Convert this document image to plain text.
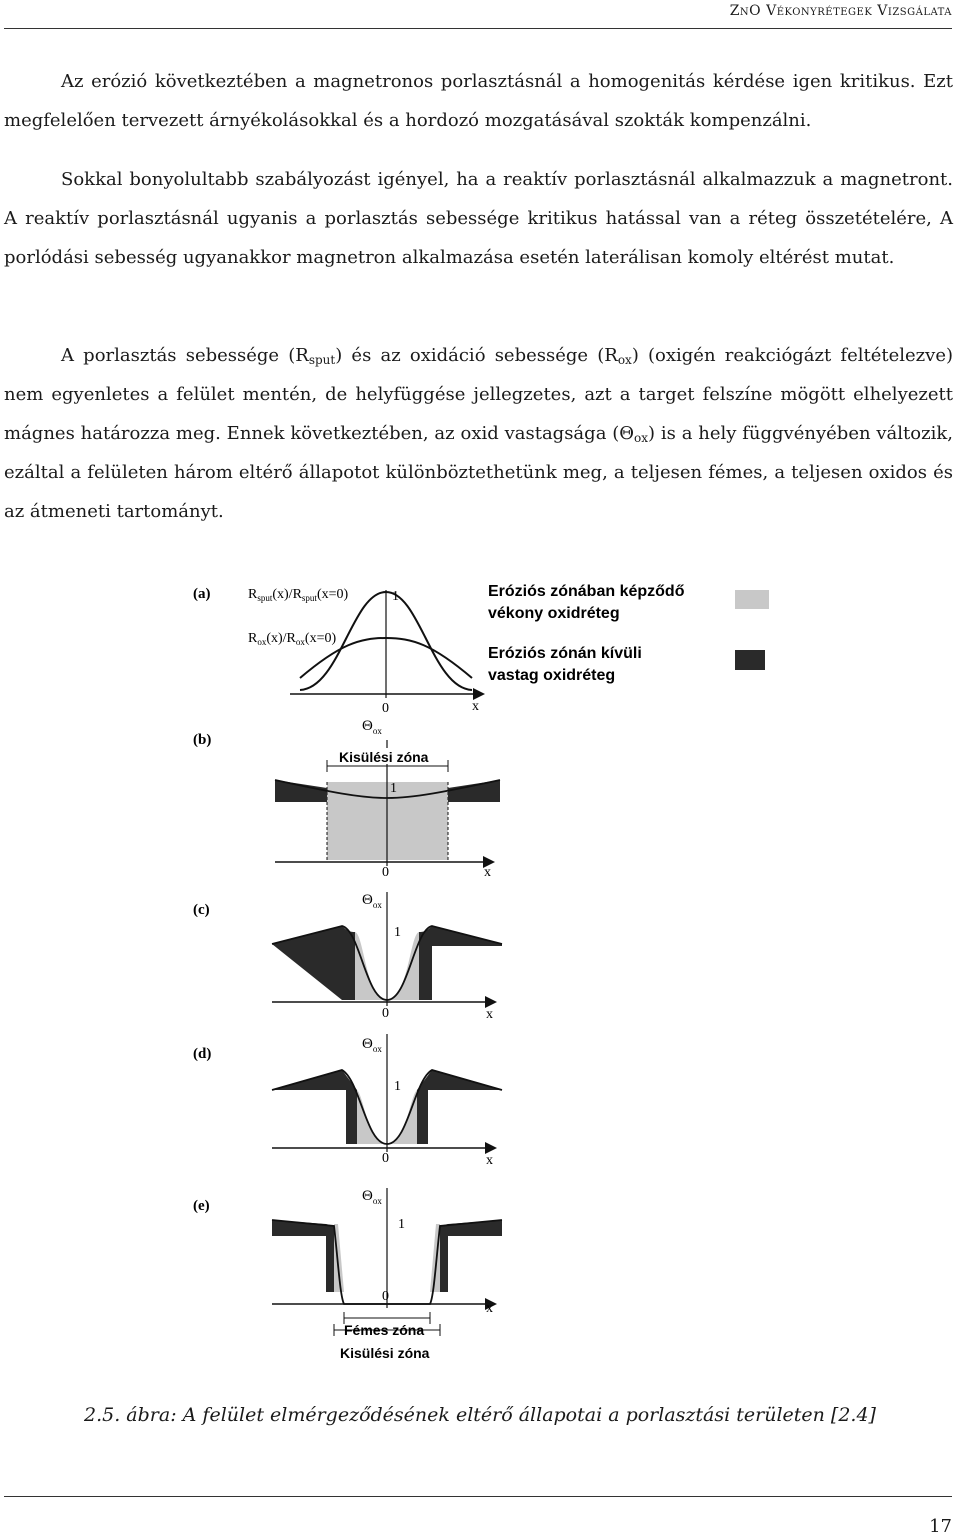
ZnO Vékonyrétegek Vizsgálata

Az erózió következtében a magnetronos porlasztásnál a homogenitás kérdése igen kritikus. Ezt megfelelően tervezett árnyékolásokkal és a hordozó mozgatásával szokták kompenzálni.

Sokkal bonyolultabb szabályozást igényel, ha a reaktív porlasztásnál alkalmazzuk a magnetront. A reaktív porlasztásnál ugyanis a porlasztás sebessége kritikus hatással van a réteg összetételére, A porlódási sebesség ugyanakkor magnetron alkalmazása esetén laterálisan komoly eltérést mutat.

A porlasztás sebessége $(R_{sput})$ és az oxidáció sebessége $(R_{ox})$ (oxigén reakciógázt feltételezve) nem egyenletes a felület mentén, de helyfüggése jellegzetes, azt a target felszíne mögött elhelyezett mágnes határozza meg. Ennek következtében, az oxid vastagsága $(\Theta_{ox})$ is a hely függvényében változik, ezáltal a felületen három eltérő állapotot különböztethetünk meg, a teljesen fémes, a teljesen oxidos és az átmeneti tartományt.

(a)	$R_{sput}(x)/R_{sput}(x=0)$
$R_{ox}(x)/R_{ox}(x=0)$
1
0	x
Eróziós zónában képződő
vékony oxidréteg
Eróziós zónán kívüli
vastag oxidréteg
(b)
Kisülési zóna
$\Theta_{ox}$
1
0	x
(c)
$\Theta_{ox}$
1
0	x
(d)
$\Theta_{ox}$
1
0	x
(e)
Fémes zóna
Kisülési zóna
$\Theta_{ox}$
1
0
x
2.5. ábra: A felület elmérgeződésének eltérő állapotai a porlasztási területen [2.4]
17
